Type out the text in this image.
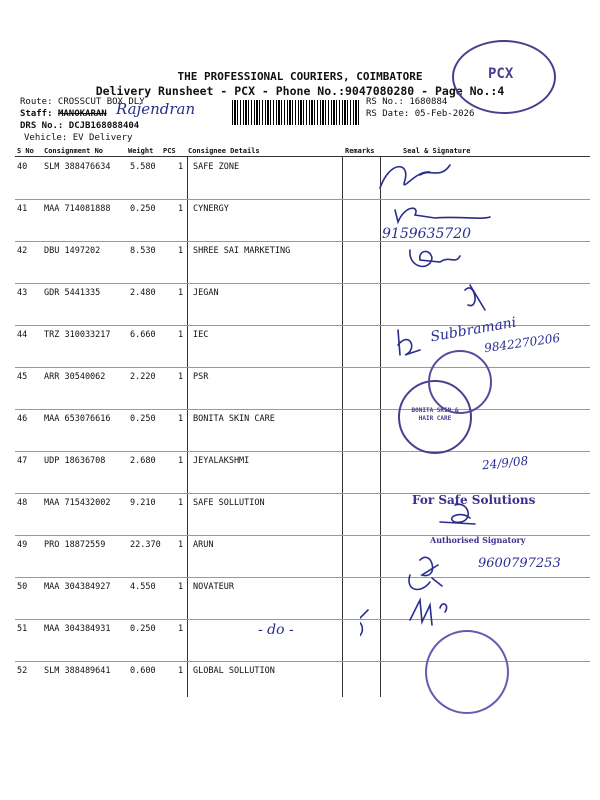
THE PROFESSIONAL COURIERS, COIMBATORE
Delivery Runsheet - PCX - Phone No.:9047080280 - Page No.:4
Route: CROSSCUT BOX DLY
Staff: MANOKARAN Rajendran
DRS No.: DCJB168088404
Vehicle: EV Delivery
RS No.: 1680884
RS Date: 05-Feb-2026
PCX
S No Consignment No	Weight PCS Consignee Details	Remarks	Seal & Signature
40 SLM 388476634 5.580	1 SAFE ZONE
41 MAA 714081888 0.250	1 CYNERGY
42 DBU 1497202	8.530	1 SHREE SAI MARKETING
43 GDR 5441335	2.480	1 JEGAN
44 TRZ 310033217 6.660	1 IEC
45 ARR 30540062	2.220	1 PSR
46 MAA 653076616 0.250	1 BONITA SKIN CARE
47 UDP 18636708	2.680	1 JEYALAKSHMI
48 MAA 715432002 9.210	1 SAFE SOLLUTION
49 PRO 18872559	22.370 1 ARUN
50 MAA 304384927 4.550	1 NOVATEUR
51 MAA 304384931 0.250	1
52 SLM 388489641 0.600	1 GLOBAL SOLLUTION
9159635720
Subbramani
9842270206
24/9/08
For Safe Solutions
Authorised Signatory
9600797253
- do -
BONITA SKIN & HAIR CARE
